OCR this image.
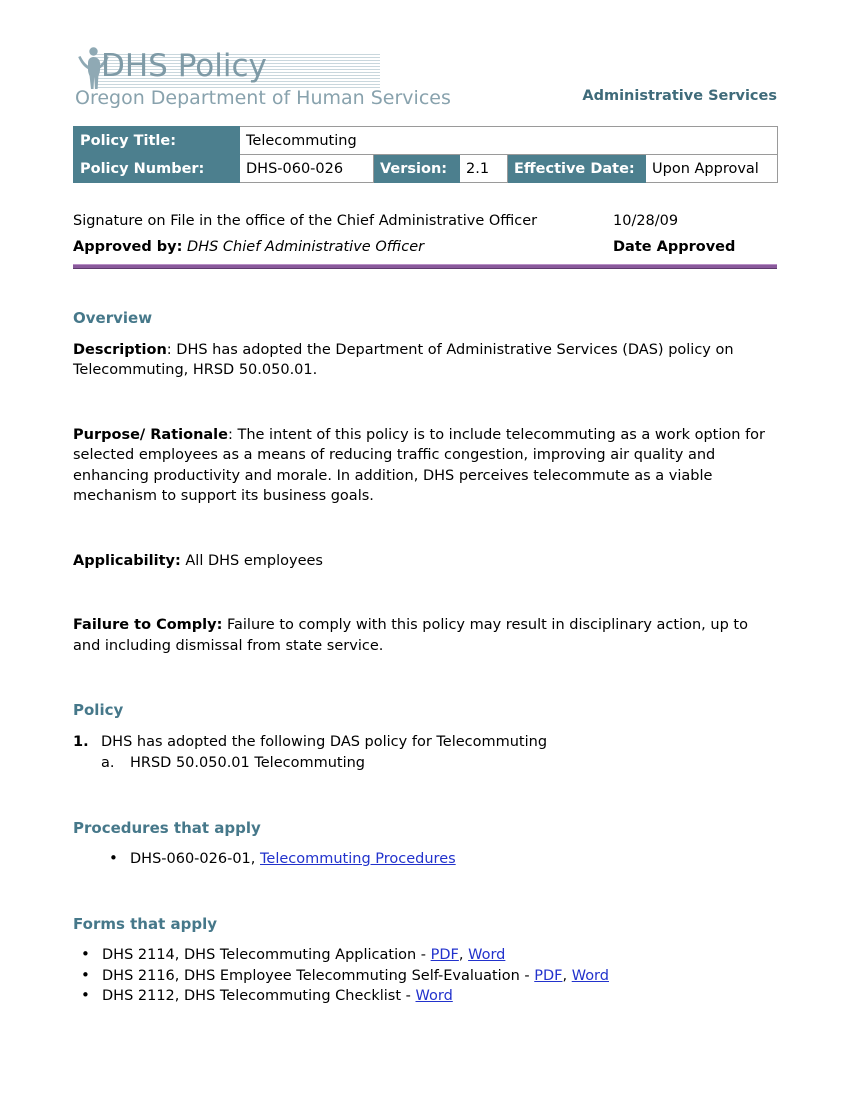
DHS Policy
Oregon Department of Human Services	Administrative Services
Policy Title:	Telecommuting				
Policy Number:	DHS-060-026	Version:	2.1	Effective Date:	Upon Approval
Signature on File in the office of the Chief Administrative Officer	10/28/09
Approved by: DHS Chief Administrative Officer	Date Approved
Overview
Description: DHS has adopted the Department of Administrative Services (DAS) policy on Telecommuting, HRSD 50.050.01.
Purpose/ Rationale: The intent of this policy is to include telecommuting as a work option for selected employees as a means of reducing traffic congestion, improving air quality and enhancing productivity and morale. In addition, DHS perceives telecommute as a viable mechanism to support its business goals.
Applicability: All DHS employees
Failure to Comply: Failure to comply with this policy may result in disciplinary action, up to and including dismissal from state service.
Policy
1. DHS has adopted the following DAS policy for Telecommuting
a. HRSD 50.050.01 Telecommuting
Procedures that apply
• DHS-060-026-01, Telecommuting Procedures
Forms that apply
• DHS 2114, DHS Telecommuting Application - PDF, Word
• DHS 2116, DHS Employee Telecommuting Self-Evaluation - PDF, Word
• DHS 2112, DHS Telecommuting Checklist - Word
